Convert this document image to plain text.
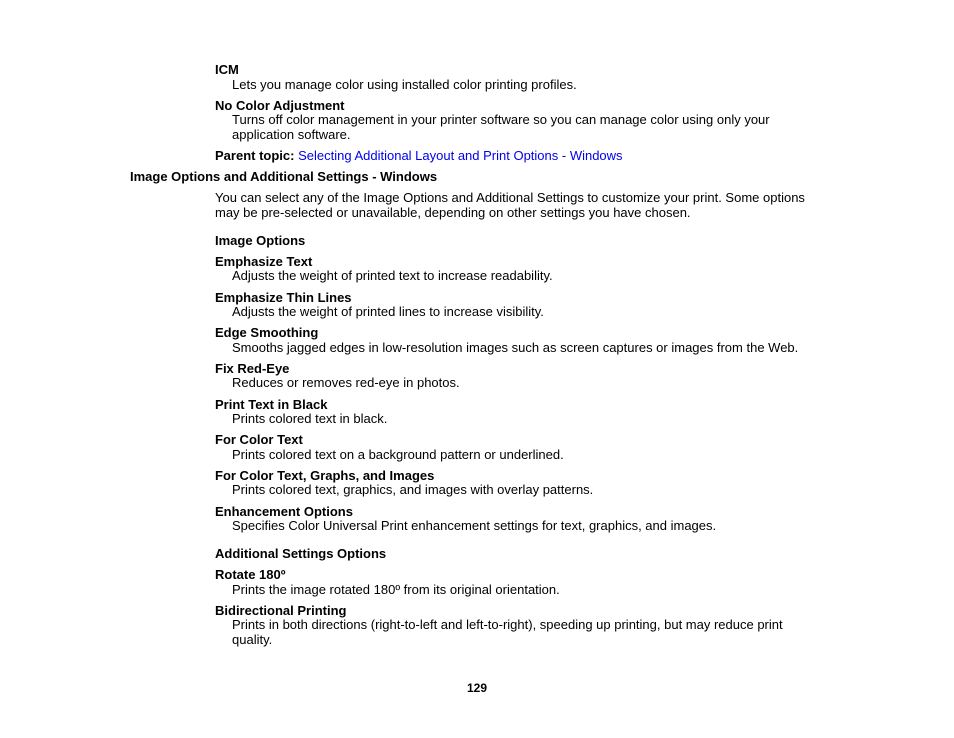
ICM
Lets you manage color using installed color printing profiles.
No Color Adjustment
Turns off color management in your printer software so you can manage color using only your
application software.
Parent topic: Selecting Additional Layout and Print Options - Windows
Image Options and Additional Settings - Windows
You can select any of the Image Options and Additional Settings to customize your print. Some options
may be pre-selected or unavailable, depending on other settings you have chosen.
Image Options
Emphasize Text
Adjusts the weight of printed text to increase readability.
Emphasize Thin Lines
Adjusts the weight of printed lines to increase visibility.
Edge Smoothing
Smooths jagged edges in low-resolution images such as screen captures or images from the Web.
Fix Red-Eye
Reduces or removes red-eye in photos.
Print Text in Black
Prints colored text in black.
For Color Text
Prints colored text on a background pattern or underlined.
For Color Text, Graphs, and Images
Prints colored text, graphics, and images with overlay patterns.
Enhancement Options
Specifies Color Universal Print enhancement settings for text, graphics, and images.
Additional Settings Options
Rotate 180º
Prints the image rotated 180º from its original orientation.
Bidirectional Printing
Prints in both directions (right-to-left and left-to-right), speeding up printing, but may reduce print
quality.
129
